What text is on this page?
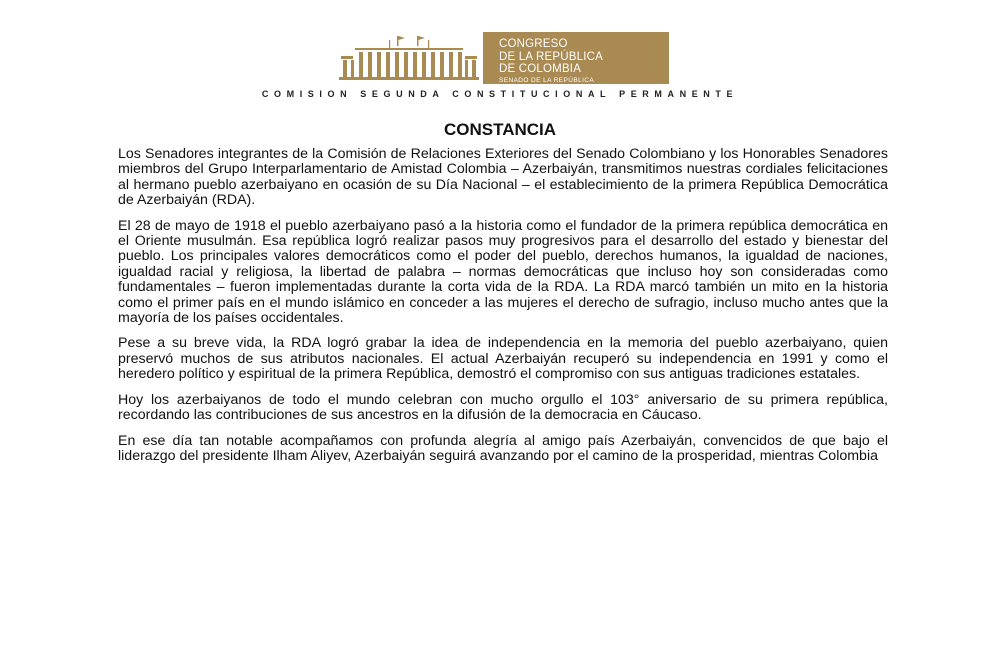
CONGRESO
DE LA REPÚBLICA
DE COLOMBIA
SENADO DE LA REPÚBLICA
COMISION SEGUNDA CONSTITUCIONAL PERMANENTE
CONSTANCIA

Los Senadores integrantes de la Comisión de Relaciones Exteriores del Senado Colombiano y los Honorables Senadores miembros del Grupo Interparlamentario de Amistad Colombia – Azerbaiyán, transmitimos nuestras cordiales felicitaciones al hermano pueblo azerbaiyano en ocasión de su Día Nacional – el establecimiento de la primera República Democrática de Azerbaiyán (RDA).

El 28 de mayo de 1918 el pueblo azerbaiyano pasó a la historia como el fundador de la primera república democrática en el Oriente musulmán. Esa república logró realizar pasos muy progresivos para el desarrollo del estado y bienestar del pueblo. Los principales valores democráticos como el poder del pueblo, derechos humanos, la igualdad de naciones, igualdad racial y religiosa, la libertad de palabra – normas democráticas que incluso hoy son consideradas como fundamentales – fueron implementadas durante la corta vida de la RDA. La RDA marcó también un mito en la historia como el primer país en el mundo islámico en conceder a las mujeres el derecho de sufragio, incluso mucho antes que la mayoría de los países occidentales.

Pese a su breve vida, la RDA logró grabar la idea de independencia en la memoria del pueblo azerbaiyano, quien preservó muchos de sus atributos nacionales. El actual Azerbaiyán recuperó su independencia en 1991 y como el heredero político y espiritual de la primera República, demostró el compromiso con sus antiguas tradiciones estatales.

Hoy los azerbaiyanos de todo el mundo celebran con mucho orgullo el 103° aniversario de su primera república, recordando las contribuciones de sus ancestros en la difusión de la democracia en Cáucaso.

En ese día tan notable acompañamos con profunda alegría al amigo país Azerbaiyán, convencidos de que bajo el liderazgo del presidente Ilham Aliyev, Azerbaiyán seguirá avanzando por el camino de la prosperidad, mientras Colombia
